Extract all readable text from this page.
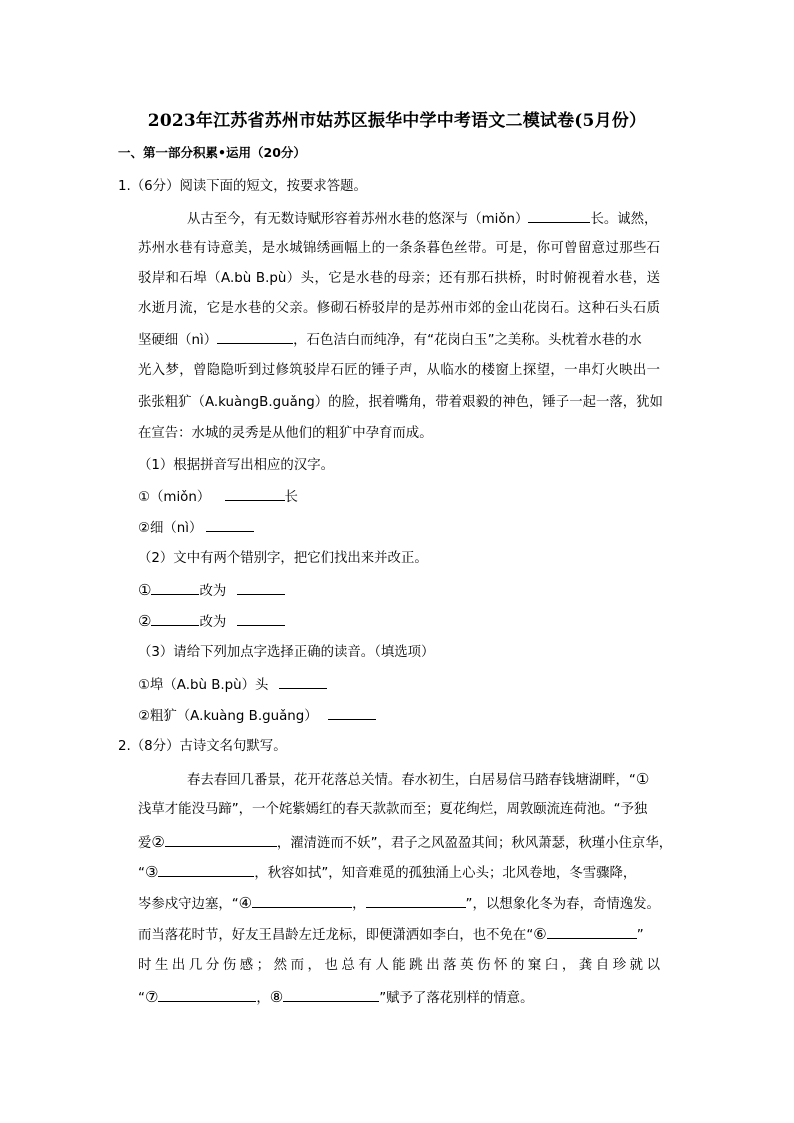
2023年江苏省苏州市姑苏区振华中学中考语文二模试卷(5月份）
一、第一部分积累•运用（20分）
1.（6分）阅读下面的短文，按要求答题。
从古至今，有无数诗赋形容着苏州水巷的悠深与（miǒn）	长。诚然，
苏州水巷有诗意美，是水城锦绣画幅上的一条条暮色丝带。可是，你可曾留意过那些石
驳岸和石埠（A.bù B.pù）头，它是水巷的母亲；还有那石拱桥，时时俯视着水巷，送
水逝月流，它是水巷的父亲。修砌石桥驳岸的是苏州市郊的金山花岗石。这种石头石质
坚硬细（nì）	，石色洁白而纯净，有“花岗白玉”之美称。头枕着水巷的水
光入梦，曾隐隐听到过修筑驳岸石匠的锤子声，从临水的楼窗上探望，一串灯火映出一
张张粗犷（A.kuàngB.guǎng）的脸，抿着嘴角，带着艰毅的神色，锤子一起一落，犹如
在宣告：水城的灵秀是从他们的粗犷中孕育而成。
（1）根据拼音写出相应的汉字。
①（miǒn）	长
②细（nì）
（2）文中有两个错别字，把它们找出来并改正。
①	改为
②	改为
（3）请给下列加点字选择正确的读音。（填选项）
①埠（A.bù B.pù）头
②粗犷（A.kuàng B.guǎng）
2.（8分）古诗文名句默写。
春去春回几番景，花开花落总关情。春水初生，白居易信马踏春钱塘湖畔，“①
浅草才能没马蹄”，一个姹紫嫣红的春天款款而至；夏花绚烂，周敦颐流连荷池。“予独
爱②	，濯清涟而不妖”，君子之风盈盈其间；秋风萧瑟，秋瑾小住京华，
“③	，秋容如拭”，知音难觅的孤独涌上心头；北风卷地，冬雪骤降，
岑参戍守边塞，“④	，	”，以想象化冬为春，奇情逸发。
而当落花时节，好友王昌龄左迁龙标，即便潇洒如李白，也不免在“⑥	”
时生出几分伤感；然而，也总有人能跳出落英伤怀的窠臼，龚自珍就以
“⑦	，⑧	”赋予了落花别样的情意。
